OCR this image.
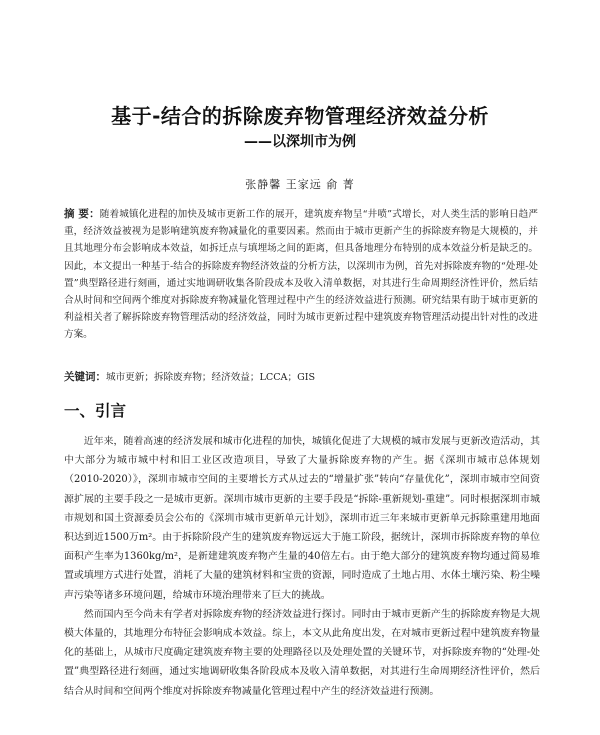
基于-结合的拆除废弃物管理经济效益分析
——以深圳市为例
张静馨 王家远 俞 菁
摘 要：随着城镇化进程的加快及城市更新工作的展开，建筑废弃物呈“井喷”式增长，对人类生活的影响日趋严重，经济效益被视为是影响建筑废弃物减量化的重要因素。然而由于城市更新产生的拆除废弃物是大规模的，并且其地理分布会影响成本效益，如拆迁点与填埋场之间的距离，但具备地理分布特别的成本效益分析是缺乏的。因此，本文提出一种基于-结合的拆除废弃物经济效益的分析方法，以深圳市为例，首先对拆除废弃物的“处理-处置”典型路径进行刻画，通过实地调研收集各阶段成本及收入清单数据，对其进行生命周期经济性评价，然后结合从时间和空间两个维度对拆除废弃物减量化管理过程中产生的经济效益进行预测。研究结果有助于城市更新的利益相关者了解拆除废弃物管理活动的经济效益，同时为城市更新过程中建筑废弃物管理活动提出针对性的改进方案。
关键词：城市更新；拆除废弃物；经济效益；LCCA；GIS
一、引言

近年来，随着高速的经济发展和城市化进程的加快，城镇化促进了大规模的城市发展与更新改造活动，其中大部分为城市城中村和旧工业区改造项目，导致了大量拆除废弃物的产生。据《深圳市城市总体规划（2010-2020）》，深圳市城市空间的主要增长方式从过去的“增量扩张”转向“存量优化”，深圳市城市空间资源扩展的主要手段之一是城市更新。深圳市城市更新的主要手段是“拆除-重新规划-重建”。同时根据深圳市城市规划和国土资源委员会公布的《深圳市城市更新单元计划》，深圳市近三年来城市更新单元拆除重建用地面积达到近1500万m²。由于拆除阶段产生的建筑废弃物远远大于施工阶段，据统计，深圳市拆除废弃物的单位面积产生率为1360kg/m²，是新建建筑废弃物产生量的40倍左右。由于绝大部分的建筑废弃物均通过简易堆置或填埋方式进行处置，消耗了大量的建筑材料和宝贵的资源，同时造成了土地占用、水体土壤污染、粉尘噪声污染等诸多环境问题，给城市环境治理带来了巨大的挑战。

然而国内至今尚未有学者对拆除废弃物的经济效益进行探讨。同时由于城市更新产生的拆除废弃物是大规模大体量的，其地理分布特征会影响成本效益。综上，本文从此角度出发，在对城市更新过程中建筑废弃物量化的基础上，从城市尺度确定建筑废弃物主要的处理路径以及处理处置的关键环节，对拆除废弃物的“处理-处置”典型路径进行刻画，通过实地调研收集各阶段成本及收入清单数据，对其进行生命周期经济性评价，然后结合从时间和空间两个维度对拆除废弃物减量化管理过程中产生的经济效益进行预测。
